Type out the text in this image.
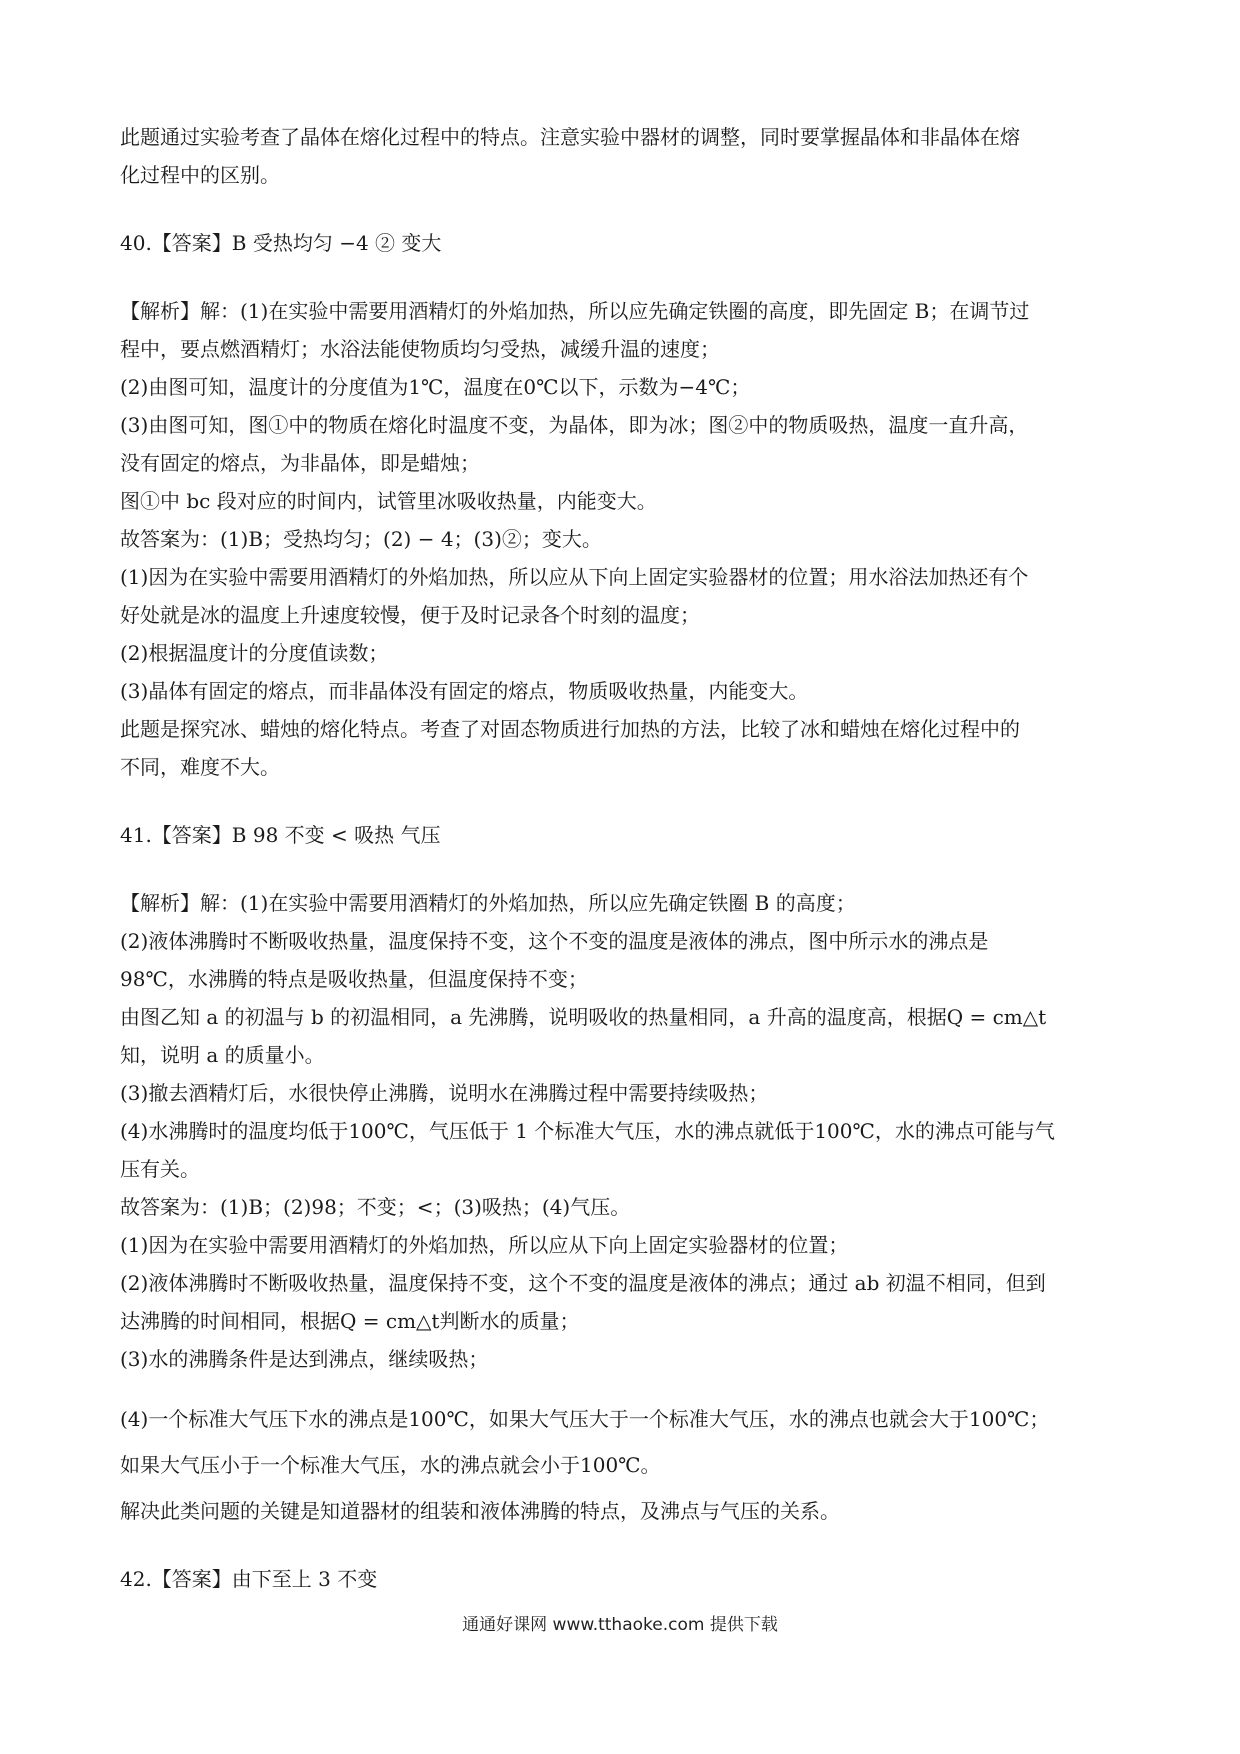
此题通过实验考查了晶体在熔化过程中的特点。注意实验中器材的调整，同时要掌握晶体和非晶体在熔

化过程中的区别。

40.【答案】B 受热均匀 −4 ② 变大

【解析】解：(1)在实验中需要用酒精灯的外焰加热，所以应先确定铁圈的高度，即先固定 B；在调节过

程中，要点燃酒精灯；水浴法能使物质均匀受热，减缓升温的速度；

(2)由图可知，温度计的分度值为1℃，温度在0℃以下，示数为−4℃；

(3)由图可知，图①中的物质在熔化时温度不变，为晶体，即为冰；图②中的物质吸热，温度一直升高，

没有固定的熔点，为非晶体，即是蜡烛；

图①中 bc 段对应的时间内，试管里冰吸收热量，内能变大。

故答案为：(1)B；受热均匀；(2) − 4；(3)②；变大。

(1)因为在实验中需要用酒精灯的外焰加热，所以应从下向上固定实验器材的位置；用水浴法加热还有个

好处就是冰的温度上升速度较慢，便于及时记录各个时刻的温度；

(2)根据温度计的分度值读数；

(3)晶体有固定的熔点，而非晶体没有固定的熔点，物质吸收热量，内能变大。

此题是探究冰、蜡烛的熔化特点。考查了对固态物质进行加热的方法，比较了冰和蜡烛在熔化过程中的

不同，难度不大。

41.【答案】B 98 不变 < 吸热 气压

【解析】解：(1)在实验中需要用酒精灯的外焰加热，所以应先确定铁圈 B 的高度；

(2)液体沸腾时不断吸收热量，温度保持不变，这个不变的温度是液体的沸点，图中所示水的沸点是

98℃，水沸腾的特点是吸收热量，但温度保持不变；

由图乙知 a 的初温与 b 的初温相同，a 先沸腾，说明吸收的热量相同，a 升高的温度高，根据Q = cm△t

知，说明 a 的质量小。

(3)撤去酒精灯后，水很快停止沸腾，说明水在沸腾过程中需要持续吸热；

(4)水沸腾时的温度均低于100℃，气压低于 1 个标准大气压，水的沸点就低于100℃，水的沸点可能与气

压有关。

故答案为：(1)B；(2)98；不变；<；(3)吸热；(4)气压。

(1)因为在实验中需要用酒精灯的外焰加热，所以应从下向上固定实验器材的位置；

(2)液体沸腾时不断吸收热量，温度保持不变，这个不变的温度是液体的沸点；通过 ab 初温不相同，但到

达沸腾的时间相同，根据Q = cm△t判断水的质量；

(3)水的沸腾条件是达到沸点，继续吸热；

(4)一个标准大气压下水的沸点是100℃，如果大气压大于一个标准大气压，水的沸点也就会大于100℃；

如果大气压小于一个标准大气压，水的沸点就会小于100℃。

解决此类问题的关键是知道器材的组装和液体沸腾的特点，及沸点与气压的关系。

42.【答案】由下至上 3 不变

通通好课网 www.tthaoke.com 提供下载
